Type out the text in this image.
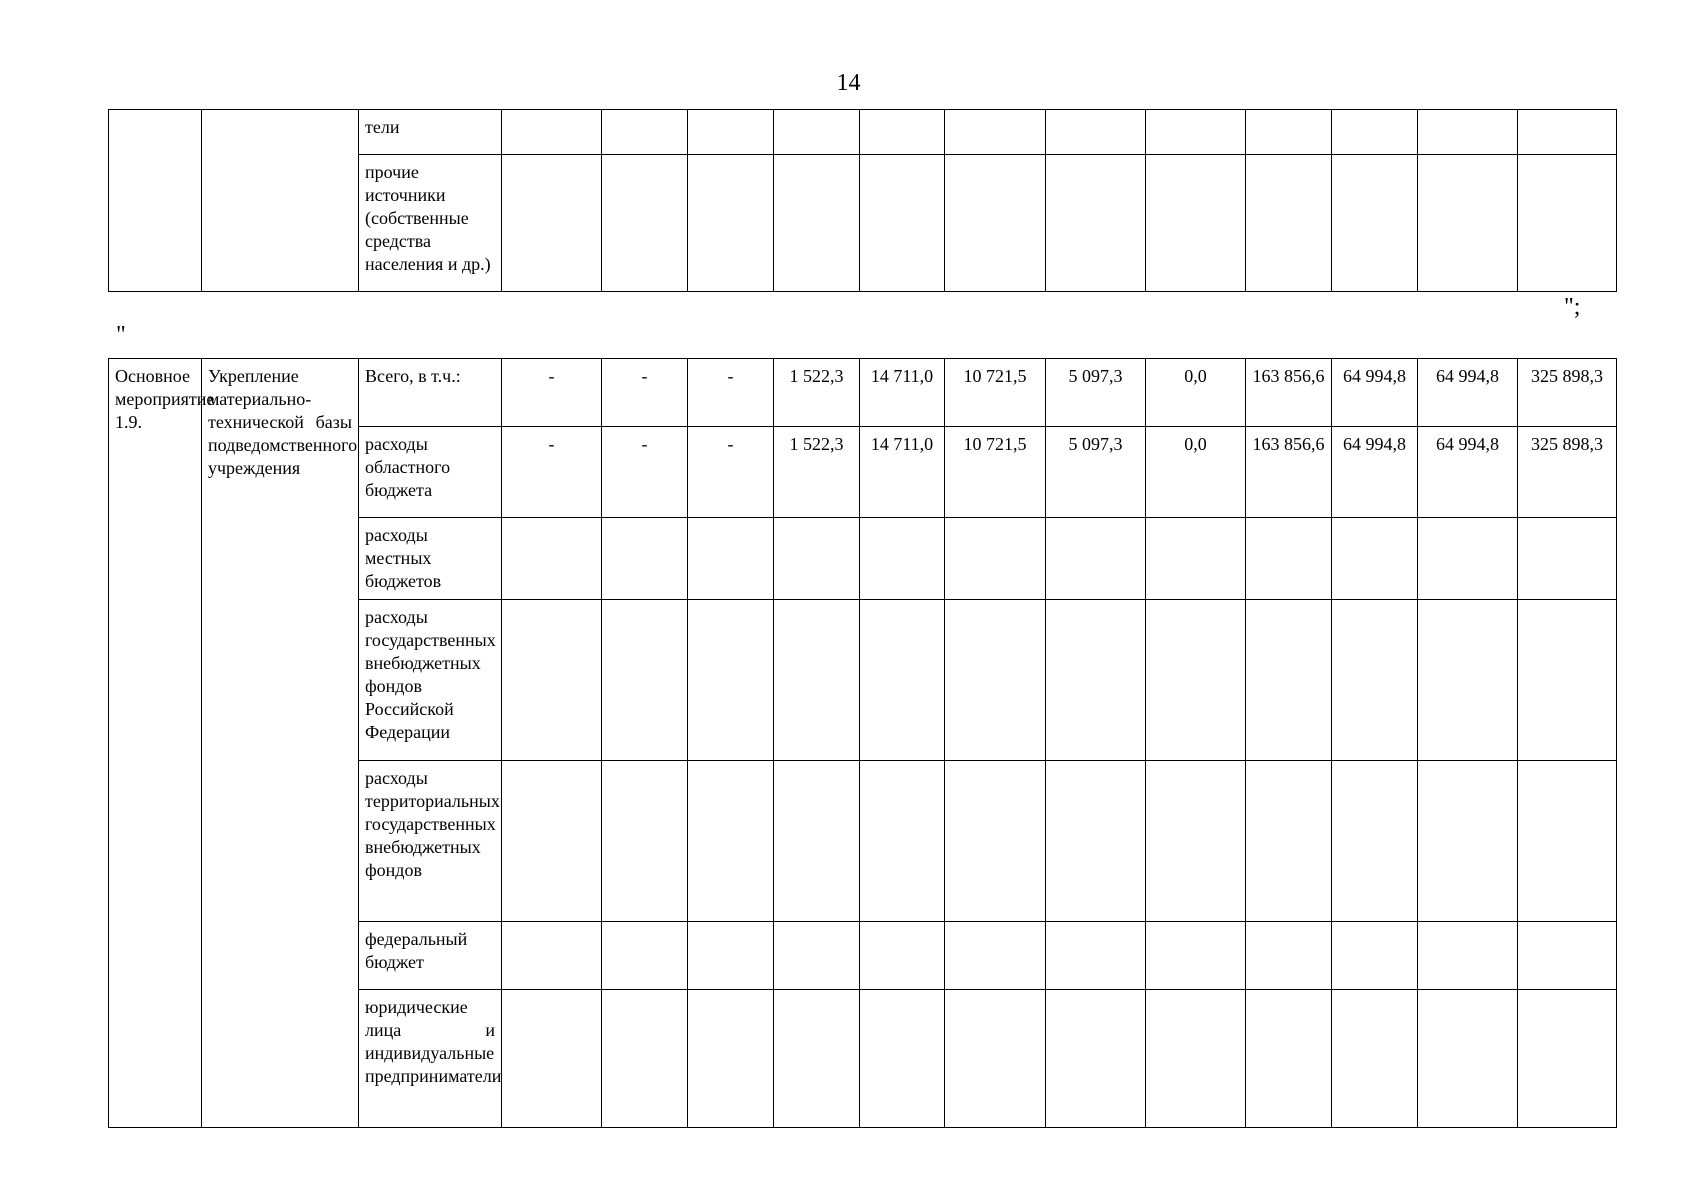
14
		тели												
		прочие источники (собственные средства населения и др.)												
";
"
Основное мероприятие 1.9.	Укрепление материально-технической базы подведомственного учреждения	Всего, в т.ч.:	-	-	-	1 522,3	14 711,0	10 721,5	5 097,3	0,0	163 856,6	64 994,8	64 994,8	325 898,3
		расходы областного бюджета	-	-	-	1 522,3	14 711,0	10 721,5	5 097,3	0,0	163 856,6	64 994,8	64 994,8	325 898,3
		расходы местных бюджетов												
		расходы государственных внебюджетных фондов Российской Федерации												
		расходы территориальных государственных внебюджетных фондов												
		федеральный бюджет												
		юридические лица и индивидуальные предприниматели												
